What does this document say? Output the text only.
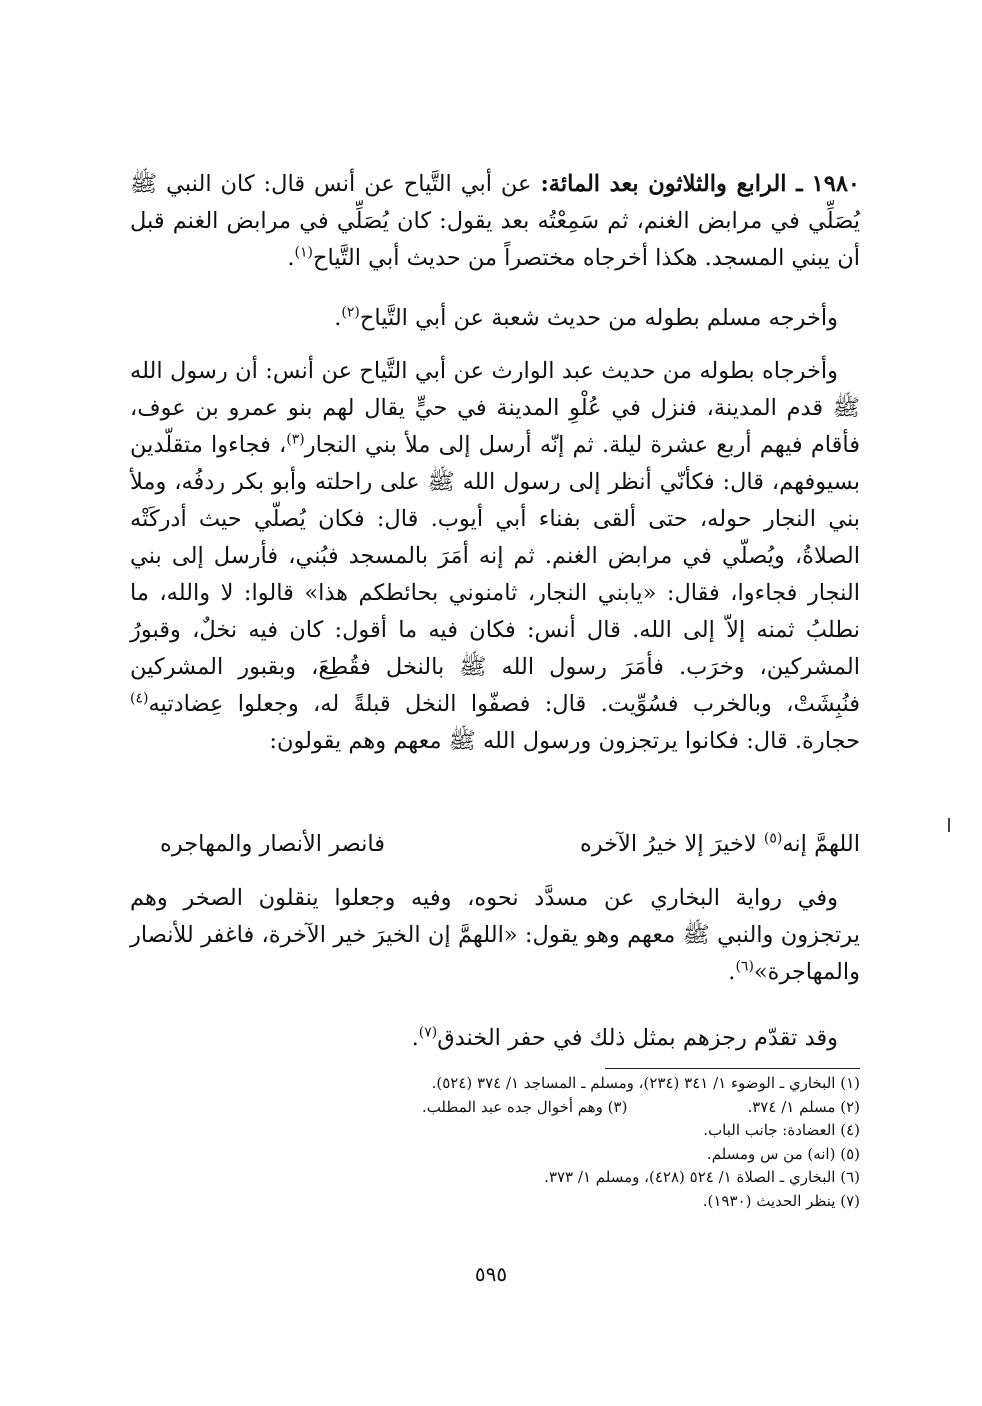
١٩٨٠ ـ الرابع والثلاثون بعد المائة: عن أبي التَّياح عن أنس قال: كان النبي ﷺ يُصَلِّي في مرابض الغنم، ثم سَمِعْتُه بعد يقول: كان يُصَلِّي في مرابض الغنم قبل أن يبني المسجد. هكذا أخرجاه مختصراً من حديث أبي التَّياح$^{(١)}$.

وأخرجه مسلم بطوله من حديث شعبة عن أبي التَّياح$^{(٢)}$.

وأخرجاه بطوله من حديث عبد الوارث عن أبي التَّياح عن أنس: أن رسول الله ﷺ قدم المدينة، فنزل في عُلْوِ المدينة في حيٍّ يقال لهم بنو عمرو بن عوف، فأقام فيهم أربع عشرة ليلة. ثم إنّه أرسل إلى ملأ بني النجار$^{(٣)}$، فجاءوا متقلّدين بسيوفهم، قال: فكأنّي أنظر إلى رسول الله ﷺ على راحلته وأبو بكر ردفُه، وملأ بني النجار حوله، حتى ألقى بفناء أبي أيوب. قال: فكان يُصلّي حيث أدركَتْه الصلاةُ، ويُصلّي في مرابض الغنم. ثم إنه أمَرَ بالمسجد فبُني، فأرسل إلى بني النجار فجاءوا، فقال: «يابني النجار، ثامنوني بحائطكم هذا» قالوا: لا والله، ما نطلبُ ثمنه إلاّ إلى الله. قال أنس: فكان فيه ما أقول: كان فيه نخلٌ، وقبورُ المشركين، وخرَب. فأمَرَ رسول الله ﷺ بالنخل فقُطِعَ، وبقبور المشركين فنُبِشَتْ، وبالخرب فسُوِّيت. قال: فصفّوا النخل قبلةً له، وجعلوا عِضادتيه$^{(٤)}$ حجارة. قال: فكانوا يرتجزون ورسول الله ﷺ معهم وهم يقولون:

اللهمَّ إنه$^{(٥)}$ لاخيرَ إلا خيرُ الآخره
فانصر الأنصار والمهاجره

وفي رواية البخاري عن مسدَّد نحوه، وفيه وجعلوا ينقلون الصخر وهم يرتجزون والنبي ﷺ معهم وهو يقول: «اللهمَّ إن الخيرَ خير الآخرة، فاغفر للأنصار والمهاجرة»$^{(٦)}$.

وقد تقدّم رجزهم بمثل ذلك في حفر الخندق$^{(٧)}$.

(١) البخاري ـ الوضوء ١/ ٣٤١ (٢٣٤)، ومسلم ـ المساجد ١/ ٣٧٤ (٥٢٤).

(٢) مسلم ١/ ٣٧٤.

(٣) وهم أخوال جده عبد المطلب.

(٤) العضادة: جانب الباب.

(٥) (انه) من س ومسلم.

(٦) البخاري ـ الصلاة ١/ ٥٢٤ (٤٢٨)، ومسلم ١/ ٣٧٣.

(٧) ينظر الحديث (١٩٣٠).

٥٩٥
